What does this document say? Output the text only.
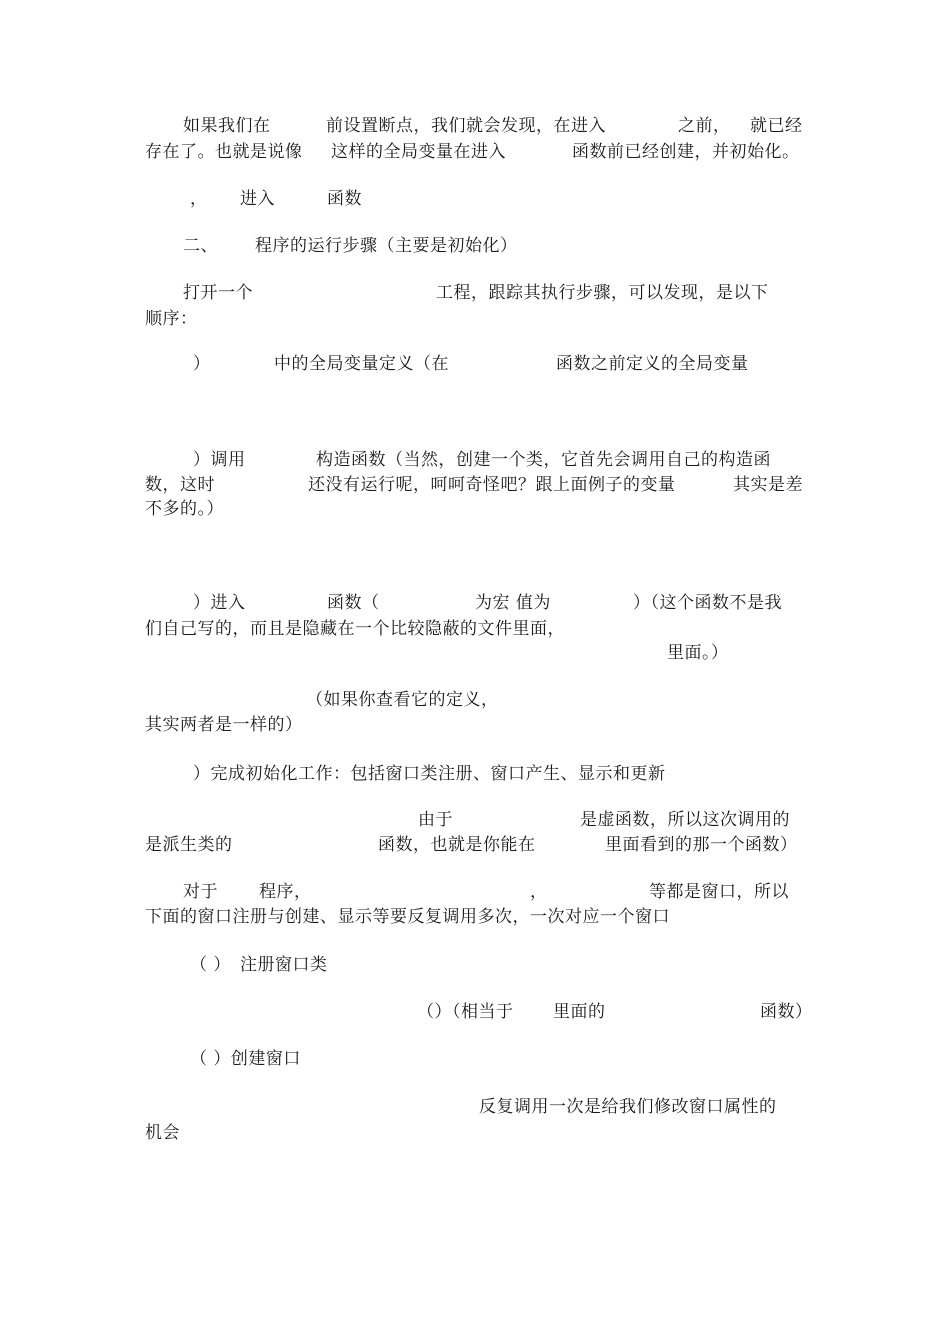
如果我们在	前设置断点，我们就会发现，在进入	之前， 就已经
存在了。也就是说像 这样的全局变量在进入	函数前已经创建，并初始化。
， 进入	函数
二、 程序的运行步骤（主要是初始化）
打开一个	工程，跟踪其执行步骤，可以发现，是以下
顺序：
）	中的全局变量定义（在	函数之前定义的全局变量
）调用	构造函数（当然，创建一个类，它首先会调用自己的构造函
数，这时	还没有运行呢，呵呵奇怪吧？跟上面例子的变量	其实是差
不多的。）
）进入	函数（	为宏 值为	）（这个函数不是我
们自己写的，而且是隐藏在一个比较隐蔽的文件里面，
里面。）
（如果你查看它的定义，
其实两者是一样的）
）完成初始化工作：包括窗口类注册、窗口产生、显示和更新
由于	是虚函数，所以这次调用的
是派生类的	函数，也就是你能在	里面看到的那一个函数）
对于 程序，	，	等都是窗口，所以
下面的窗口注册与创建、显示等要反复调用多次，一次对应一个窗口
（ ） 注册窗口类
（）（相当于 里面的	函数）
（ ）创建窗口
反复调用一次是给我们修改窗口属性的
机会
